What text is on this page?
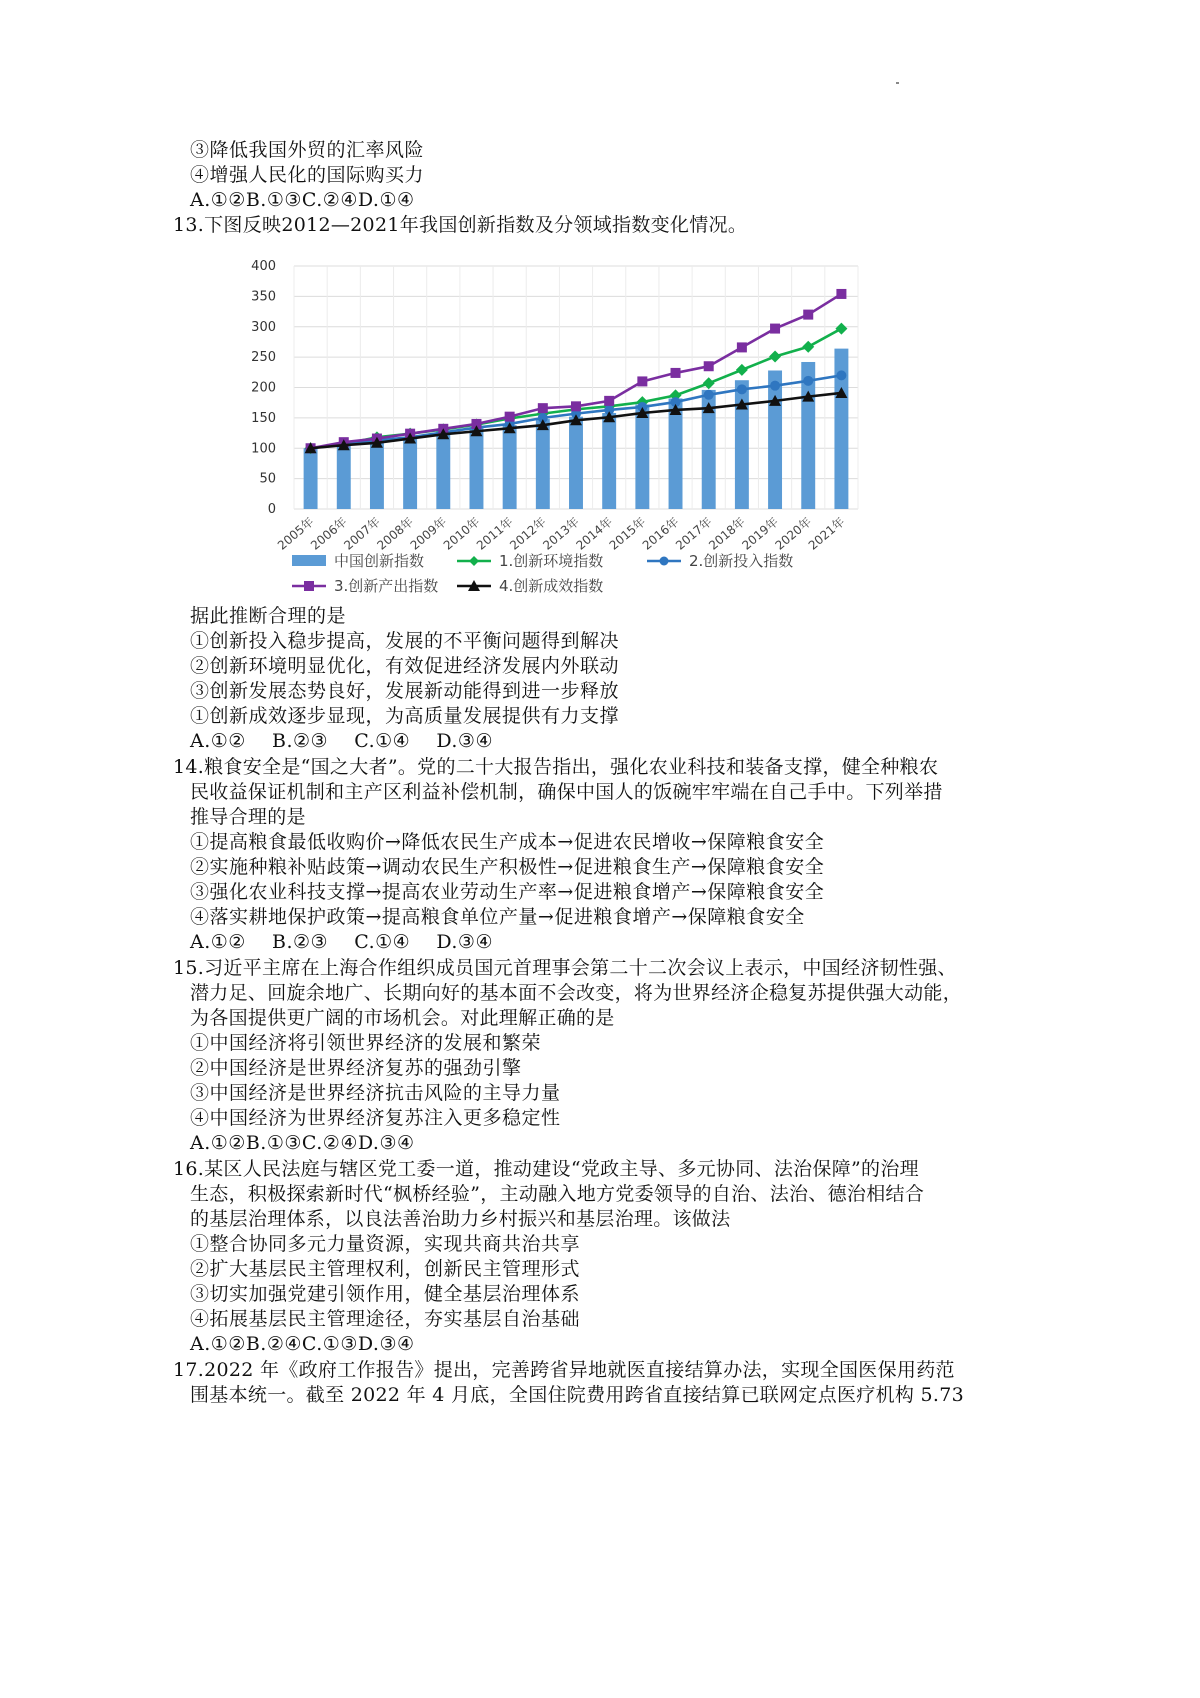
③降低我国外贸的汇率风险
④增强人民化的国际购买力
A.①②B.①③C.②④D.①④
13.下图反映2012—2021年我国创新指数及分领域指数变化情况。
0
50
100
150
200
250
300
350
400
2005年
2006年
2007年
2008年
2009年
2010年
2011年
2012年
2013年
2014年
2015年
2016年
2017年
2018年
2019年
2020年
2021年
中国创新指数	1.创新环境指数	2.创新投入指数
3.创新产出指数	4.创新成效指数
据此推断合理的是
①创新投入稳步提高，发展的不平衡问题得到解决
②创新环境明显优化，有效促进经济发展内外联动
③创新发展态势良好，发展新动能得到进一步释放
①创新成效逐步显现，为高质量发展提供有力支撑
A.①②    B.②③    C.①④    D.③④
14.粮食安全是“国之大者”。党的二十大报告指出，强化农业科技和装备支撑，健全种粮农
民收益保证机制和主产区利益补偿机制，确保中国人的饭碗牢牢端在自己手中。下列举措
推导合理的是
①提高粮食最低收购价→降低农民生产成本→促进农民增收→保障粮食安全
②实施种粮补贴歧策→调动农民生产积极性→促进粮食生产→保障粮食安全
③强化农业科技支撑→提高农业劳动生产率→促进粮食增产→保障粮食安全
④落实耕地保护政策→提高粮食单位产量→促进粮食增产→保障粮食安全
A.①②    B.②③    C.①④    D.③④
15.习近平主席在上海合作组织成员国元首理事会第二十二次会议上表示，中国经济韧性强、
潜力足、回旋余地广、长期向好的基本面不会改变，将为世界经济企稳复苏提供强大动能，
为各国提供更广阔的市场机会。对此理解正确的是
①中国经济将引领世界经济的发展和繁荣
②中国经济是世界经济复苏的强劲引擎
③中国经济是世界经济抗击风险的主导力量
④中国经济为世界经济复苏注入更多稳定性
A.①②B.①③C.②④D.③④
16.某区人民法庭与辖区党工委一道，推动建设“党政主导、多元协同、法治保障”的治理
生态，积极探索新时代“枫桥经验”，主动融入地方党委领导的自治、法治、德治相结合
的基层治理体系，以良法善治助力乡村振兴和基层治理。该做法
①整合协同多元力量资源，实现共商共治共享
②扩大基层民主管理权利，创新民主管理形式
③切实加强党建引领作用，健全基层治理体系
④拓展基层民主管理途径，夯实基层自治基础
A.①②B.②④C.①③D.③④
17.2022 年《政府工作报告》提出，完善跨省异地就医直接结算办法，实现全国医保用药范
围基本统一。截至 2022 年 4 月底，全国住院费用跨省直接结算已联网定点医疗机构 5.73
